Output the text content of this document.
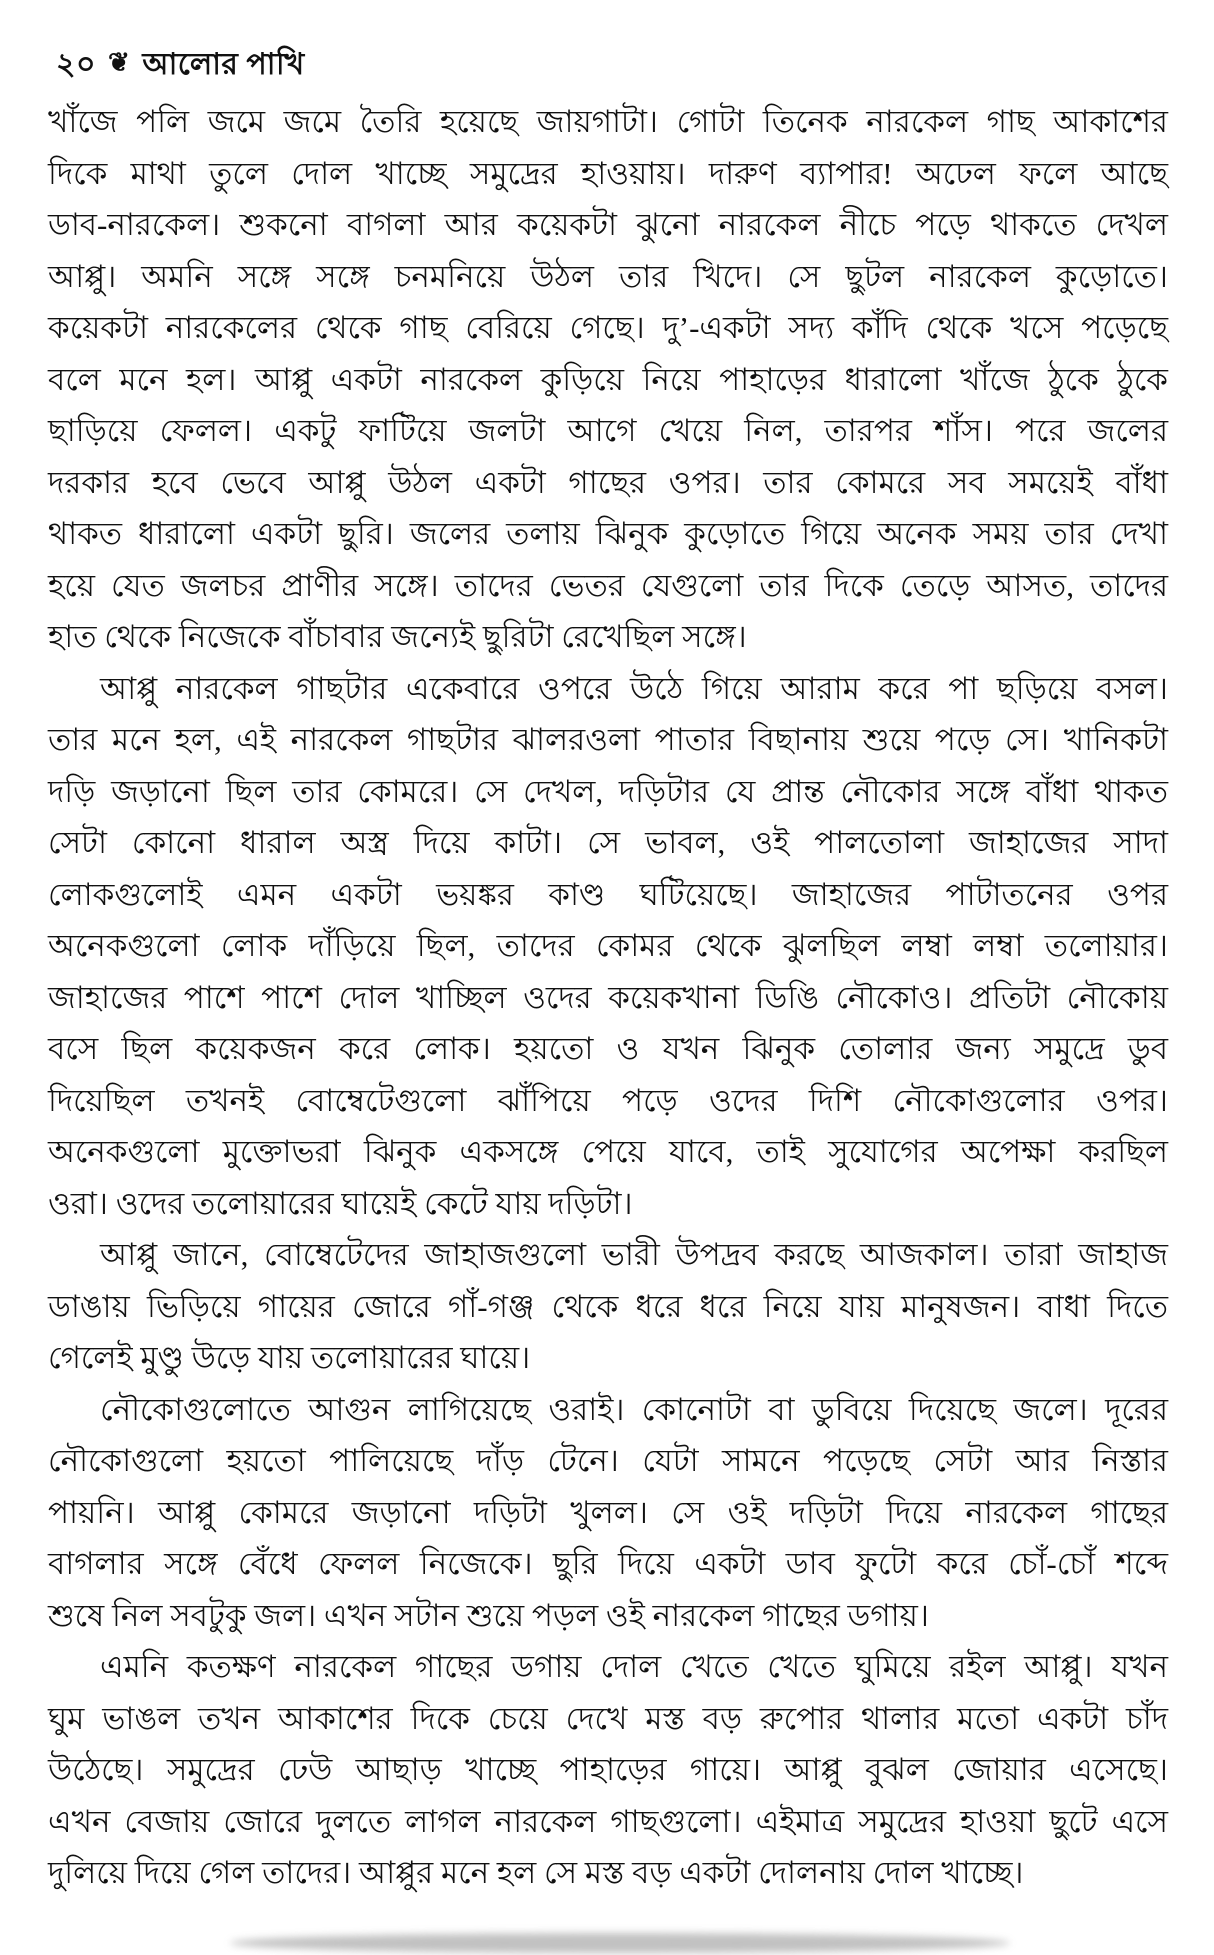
২০ ❦ আলোর পাখি
খাঁজে পলি জমে জমে তৈরি হয়েছে জায়গাটা। গোটা তিনেক নারকেল গাছ আকাশের
দিকে মাথা তুলে দোল খাচ্ছে সমুদ্রের হাওয়ায়। দারুণ ব্যাপার! অঢেল ফলে আছে
ডাব-নারকেল। শুকনো বাগলা আর কয়েকটা ঝুনো নারকেল নীচে পড়ে থাকতে দেখল
আপ্পু। অমনি সঙ্গে সঙ্গে চনমনিয়ে উঠল তার খিদে। সে ছুটল নারকেল কুড়োতে।
কয়েকটা নারকেলের থেকে গাছ বেরিয়ে গেছে। দু’-একটা সদ্য কাঁদি থেকে খসে পড়েছে
বলে মনে হল। আপ্পু একটা নারকেল কুড়িয়ে নিয়ে পাহাড়ের ধারালো খাঁজে ঠুকে ঠুকে
ছাড়িয়ে ফেলল। একটু ফাটিয়ে জলটা আগে খেয়ে নিল, তারপর শাঁস। পরে জলের
দরকার হবে ভেবে আপ্পু উঠল একটা গাছের ওপর। তার কোমরে সব সময়েই বাঁধা
থাকত ধারালো একটা ছুরি। জলের তলায় ঝিনুক কুড়োতে গিয়ে অনেক সময় তার দেখা
হয়ে যেত জলচর প্রাণীর সঙ্গে। তাদের ভেতর যেগুলো তার দিকে তেড়ে আসত, তাদের
হাত থেকে নিজেকে বাঁচাবার জন্যেই ছুরিটা রেখেছিল সঙ্গে।
আপ্পু নারকেল গাছটার একেবারে ওপরে উঠে গিয়ে আরাম করে পা ছড়িয়ে বসল।
তার মনে হল, এই নারকেল গাছটার ঝালরওলা পাতার বিছানায় শুয়ে পড়ে সে। খানিকটা
দড়ি জড়ানো ছিল তার কোমরে। সে দেখল, দড়িটার যে প্রান্ত নৌকোর সঙ্গে বাঁধা থাকত
সেটা কোনো ধারাল অস্ত্র দিয়ে কাটা। সে ভাবল, ওই পালতোলা জাহাজের সাদা
লোকগুলোই এমন একটা ভয়ঙ্কর কাণ্ড ঘটিয়েছে। জাহাজের পাটাতনের ওপর
অনেকগুলো লোক দাঁড়িয়ে ছিল, তাদের কোমর থেকে ঝুলছিল লম্বা লম্বা তলোয়ার।
জাহাজের পাশে পাশে দোল খাচ্ছিল ওদের কয়েকখানা ডিঙি নৌকোও। প্রতিটা নৌকোয়
বসে ছিল কয়েকজন করে লোক। হয়তো ও যখন ঝিনুক তোলার জন্য সমুদ্রে ডুব
দিয়েছিল তখনই বোম্বেটেগুলো ঝাঁপিয়ে পড়ে ওদের দিশি নৌকোগুলোর ওপর।
অনেকগুলো মুক্তোভরা ঝিনুক একসঙ্গে পেয়ে যাবে, তাই সুযোগের অপেক্ষা করছিল
ওরা। ওদের তলোয়ারের ঘায়েই কেটে যায় দড়িটা।
আপ্পু জানে, বোম্বেটেদের জাহাজগুলো ভারী উপদ্রব করছে আজকাল। তারা জাহাজ
ডাঙায় ভিড়িয়ে গায়ের জোরে গাঁ-গঞ্জ থেকে ধরে ধরে নিয়ে যায় মানুষজন। বাধা দিতে
গেলেই মুণ্ডু উড়ে যায় তলোয়ারের ঘায়ে।
নৌকোগুলোতে আগুন লাগিয়েছে ওরাই। কোনোটা বা ডুবিয়ে দিয়েছে জলে। দূরের
নৌকোগুলো হয়তো পালিয়েছে দাঁড় টেনে। যেটা সামনে পড়েছে সেটা আর নিস্তার
পায়নি। আপ্পু কোমরে জড়ানো দড়িটা খুলল। সে ওই দড়িটা দিয়ে নারকেল গাছের
বাগলার সঙ্গে বেঁধে ফেলল নিজেকে। ছুরি দিয়ে একটা ডাব ফুটো করে চোঁ-চোঁ শব্দে
শুষে নিল সবটুকু জল। এখন সটান শুয়ে পড়ল ওই নারকেল গাছের ডগায়।
এমনি কতক্ষণ নারকেল গাছের ডগায় দোল খেতে খেতে ঘুমিয়ে রইল আপ্পু। যখন
ঘুম ভাঙল তখন আকাশের দিকে চেয়ে দেখে মস্ত বড় রুপোর থালার মতো একটা চাঁদ
উঠেছে। সমুদ্রের ঢেউ আছাড় খাচ্ছে পাহাড়ের গায়ে। আপ্পু বুঝল জোয়ার এসেছে।
এখন বেজায় জোরে দুলতে লাগল নারকেল গাছগুলো। এইমাত্র সমুদ্রের হাওয়া ছুটে এসে
দুলিয়ে দিয়ে গেল তাদের। আপ্পুর মনে হল সে মস্ত বড় একটা দোলনায় দোল খাচ্ছে।
